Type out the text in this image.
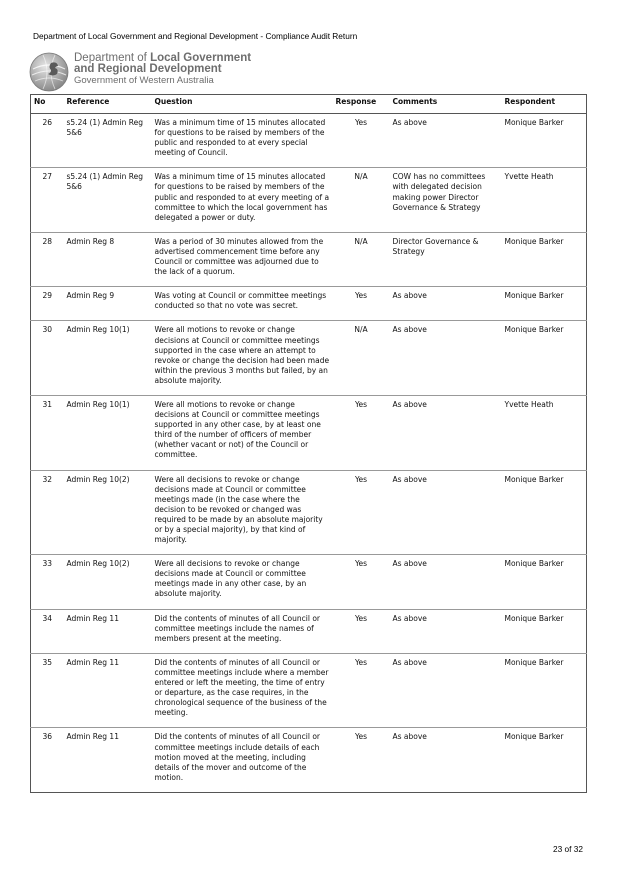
Department of Local Government and Regional Development - Compliance Audit Return
Department of Local Government
and Regional Development
Government of Western Australia
No	Reference	Question	Response	Comments	Respondent
26	s5.24 (1) Admin Reg 5&6	Was a minimum time of 15 minutes allocated for questions to be raised by members of the public and responded to at every special meeting of Council.	Yes	As above	Monique Barker
27	s5.24 (1) Admin Reg 5&6	Was a minimum time of 15 minutes allocated for questions to be raised by members of the public and responded to at every meeting of a committee to which the local government has delegated a power or duty.	N/A	COW has no committees with delegated decision making power Director Governance & Strategy	Yvette Heath
28	Admin Reg 8	Was a period of 30 minutes allowed from the advertised commencement time before any Council or committee was adjourned due to the lack of a quorum.	N/A	Director Governance & Strategy	Monique Barker
29	Admin Reg 9	Was voting at Council or committee meetings conducted so that no vote was secret.	Yes	As above	Monique Barker
30	Admin Reg 10(1)	Were all motions to revoke or change decisions at Council or committee meetings supported in the case where an attempt to revoke or change the decision had been made within the previous 3 months but failed, by an absolute majority.	N/A	As above	Monique Barker
31	Admin Reg 10(1)	Were all motions to revoke or change decisions at Council or committee meetings supported in any other case, by at least one third of the number of officers of member (whether vacant or not) of the Council or committee.	Yes	As above	Yvette Heath
32	Admin Reg 10(2)	Were all decisions to revoke or change decisions made at Council or committee meetings made (in the case where the decision to be revoked or changed was required to be made by an absolute majority or by a special majority), by that kind of majority.	Yes	As above	Monique Barker
33	Admin Reg 10(2)	Were all decisions to revoke or change decisions made at Council or committee meetings made in any other case, by an absolute majority.	Yes	As above	Monique Barker
34	Admin Reg 11	Did the contents of minutes of all Council or committee meetings include the names of members present at the meeting.	Yes	As above	Monique Barker
35	Admin Reg 11	Did the contents of minutes of all Council or committee meetings include where a member entered or left the meeting, the time of entry or departure, as the case requires, in the chronological sequence of the business of the meeting.	Yes	As above	Monique Barker
36	Admin Reg 11	Did the contents of minutes of all Council or committee meetings include details of each motion moved at the meeting, including details of the mover and outcome of the motion.	Yes	As above	Monique Barker
23 of 32
